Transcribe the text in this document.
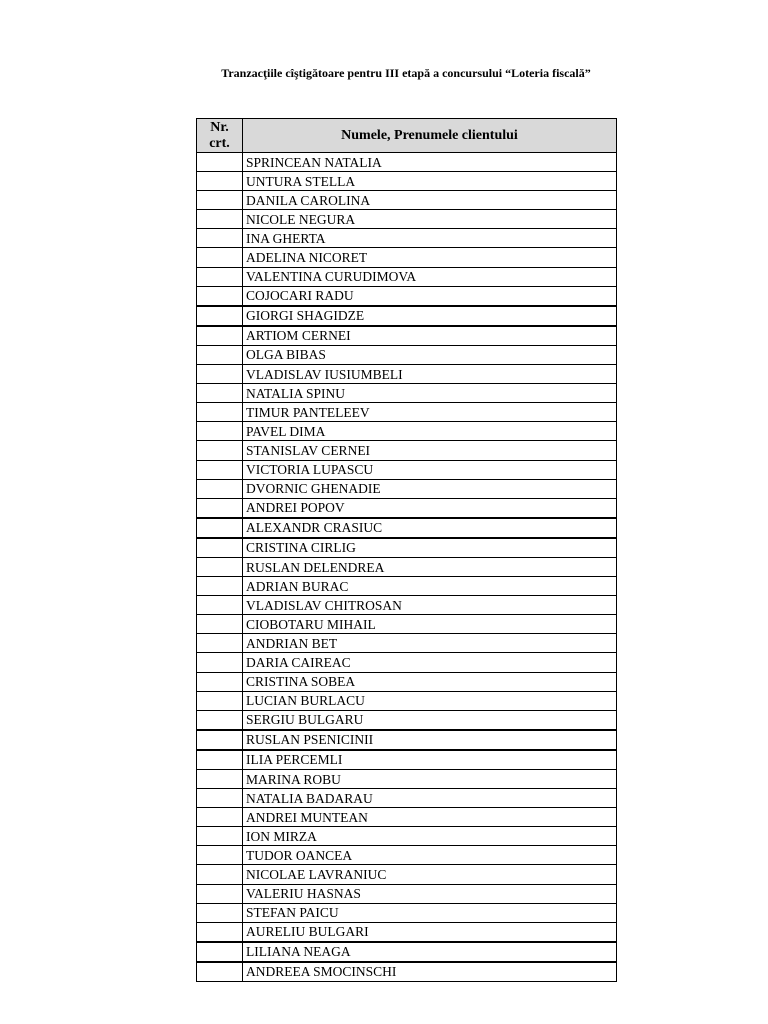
Tranzacţiile cîştigătoare pentru III etapă a concursului “Loteria fiscală”
Nr. crt.	Numele, Prenumele clientului
	SPRINCEAN NATALIA
	UNTURA STELLA
	DANILA CAROLINA
	NICOLE NEGURA
	INA GHERTA
	ADELINA NICORET
	VALENTINA CURUDIMOVA
	COJOCARI RADU
	GIORGI SHAGIDZE
	ARTIOM CERNEI
	OLGA BIBAS
	VLADISLAV IUSIUMBELI
	NATALIA SPINU
	TIMUR PANTELEEV
	PAVEL DIMA
	STANISLAV CERNEI
	VICTORIA LUPASCU
	DVORNIC GHENADIE
	ANDREI POPOV
	ALEXANDR CRASIUC
	CRISTINA CIRLIG
	RUSLAN DELENDREA
	ADRIAN BURAC
	VLADISLAV CHITROSAN
	CIOBOTARU MIHAIL
	ANDRIAN BET
	DARIA CAIREAC
	CRISTINA SOBEA
	LUCIAN BURLACU
	SERGIU BULGARU
	RUSLAN PSENICINII
	ILIA PERCEMLI
	MARINA ROBU
	NATALIA BADARAU
	ANDREI MUNTEAN
	ION MIRZA
	TUDOR OANCEA
	NICOLAE LAVRANIUC
	VALERIU HASNAS
	STEFAN PAICU
	AURELIU BULGARI
	LILIANA NEAGA
	ANDREEA SMOCINSCHI
